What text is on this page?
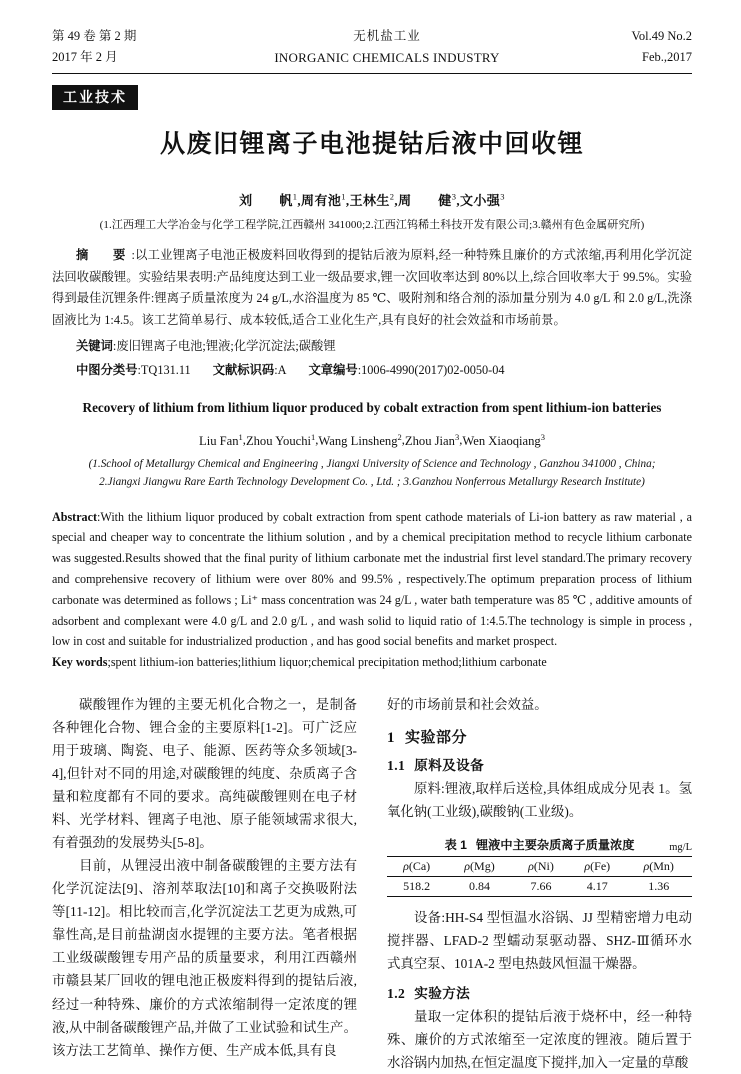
第 49 卷 第 2 期
2017 年 2 月
无机盐工业
INORGANIC CHEMICALS INDUSTRY
Vol.49 No.2
Feb.,2017
工业技术
从废旧锂离子电池提钴后液中回收锂
刘　　帆$^1$,周有池$^1$,王林生$^2$,周　　健$^3$,文小强$^3$
(1.江西理工大学冶金与化学工程学院,江西赣州 341000;2.江西江钨稀土科技开发有限公司;3.赣州有色金属研究所)
摘　要:以工业锂离子电池正极废料回收得到的提钴后液为原料,经一种特殊且廉价的方式浓缩,再利用化学沉淀法回收碳酸锂。实验结果表明:产品纯度达到工业一级品要求,锂一次回收率达到 80%以上,综合回收率大于 99.5%。实验得到最佳沉锂条件:锂离子质量浓度为 24 g/L,水浴温度为 85 ℃、吸附剂和络合剂的添加量分别为 4.0 g/L 和 2.0 g/L,洗涤固液比为 1:4.5。该工艺简单易行、成本较低,适合工业化生产,具有良好的社会效益和市场前景。
关键词:废旧锂离子电池;锂液;化学沉淀法;碳酸锂
中图分类号:TQ131.11 文献标识码:A 文章编号:1006-4990(2017)02-0050-04
Recovery of lithium from lithium liquor produced by cobalt extraction from spent lithium-ion batteries
Liu Fan$^1$,Zhou Youchi$^1$,Wang Linsheng$^2$,Zhou Jian$^3$,Wen Xiaoqiang$^3$
(1.School of Metallurgy Chemical and Engineering , Jiangxi University of Science and Technology , Ganzhou 341000 , China;
2.Jiangxi Jiangwu Rare Earth Technology Development Co. , Ltd. ; 3.Ganzhou Nonferrous Metallurgy Research Institute)
Abstract:With the lithium liquor produced by cobalt extraction from spent cathode materials of Li-ion battery as raw material , a special and cheaper way to concentrate the lithium solution , and by a chemical precipitation method to recycle lithium carbonate was suggested.Results showed that the final purity of lithium carbonate met the industrial first level standard.The primary recovery and comprehensive recovery of lithium were over 80% and 99.5% , respectively.The optimum preparation process of lithium carbonate was determined as follows ; Li⁺ mass concentration was 24 g/L , water bath temperature was 85 ℃ , additive amounts of adsorbent and complexant were 4.0 g/L and 2.0 g/L , and wash solid to liquid ratio of 1:4.5.The technology is simple in process , low in cost and suitable for industrialized production , and has good social benefits and market prospect.
Key words;spent lithium-ion batteries;lithium liquor;chemical precipitation method;lithium carbonate

碳酸锂作为锂的主要无机化合物之一，是制备各种锂化合物、锂合金的主要原料[1-2]。可广泛应用于玻璃、陶瓷、电子、能源、医药等众多领域[3-4],但针对不同的用途,对碳酸锂的纯度、杂质离子含量和粒度都有不同的要求。高纯碳酸锂则在电子材料、光学材料、锂离子电池、原子能领域需求很大,有着强劲的发展势头[5-8]。

目前，从锂浸出液中制备碳酸锂的主要方法有化学沉淀法[9]、溶剂萃取法[10]和离子交换吸附法等[11-12]。相比较而言,化学沉淀法工艺更为成熟,可靠性高,是目前盐湖卤水提锂的主要方法。笔者根据工业级碳酸锂专用产品的质量要求，利用江西赣州市赣县某厂回收的锂电池正极废料得到的提钴后液,经过一种特殊、廉价的方式浓缩制得一定浓度的锂液,从中制备碳酸锂产品,并做了工业试验和试生产。该方法工艺简单、操作方便、生产成本低,具有良

好的市场前景和社会效益。

1 实验部分
1.1 原料及设备

原料:锂液,取样后送检,具体组成成分见表 1。氢氧化钠(工业级),碳酸钠(工业级)。

表 1 锂液中主要杂质离子质量浓度	mg/L
ρ(Ca)	ρ(Mg)	ρ(Ni)	ρ(Fe)	ρ(Mn)
518.2	0.84	7.66	4.17	1.36

设备:HH-S4 型恒温水浴锅、JJ 型精密增力电动搅拌器、LFAD-2 型蠕动泵驱动器、SHZ-Ⅲ循环水式真空泵、101A-2 型电热鼓风恒温干燥器。

1.2 实验方法

量取一定体积的提钴后液于烧杯中，经一种特殊、廉价的方式浓缩至一定浓度的锂液。随后置于水浴锅内加热,在恒定温度下搅拌,加入一定量的草酸
